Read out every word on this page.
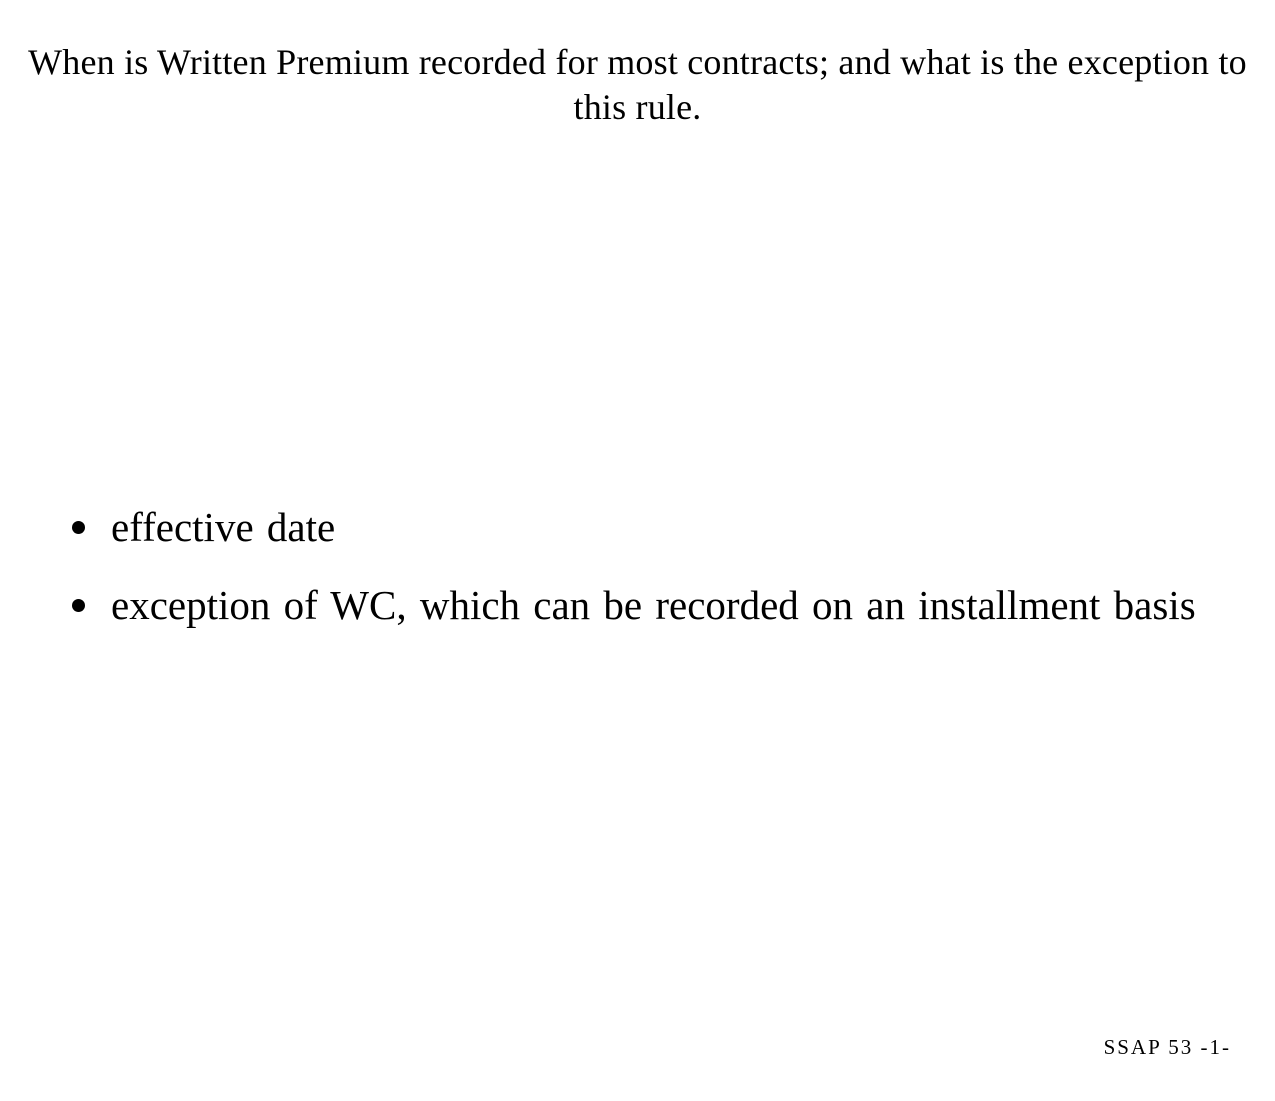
When is Written Premium recorded for most contracts; and what is the exception to this rule.
effective date
exception of WC, which can be recorded on an installment basis
SSAP 53 -1-
